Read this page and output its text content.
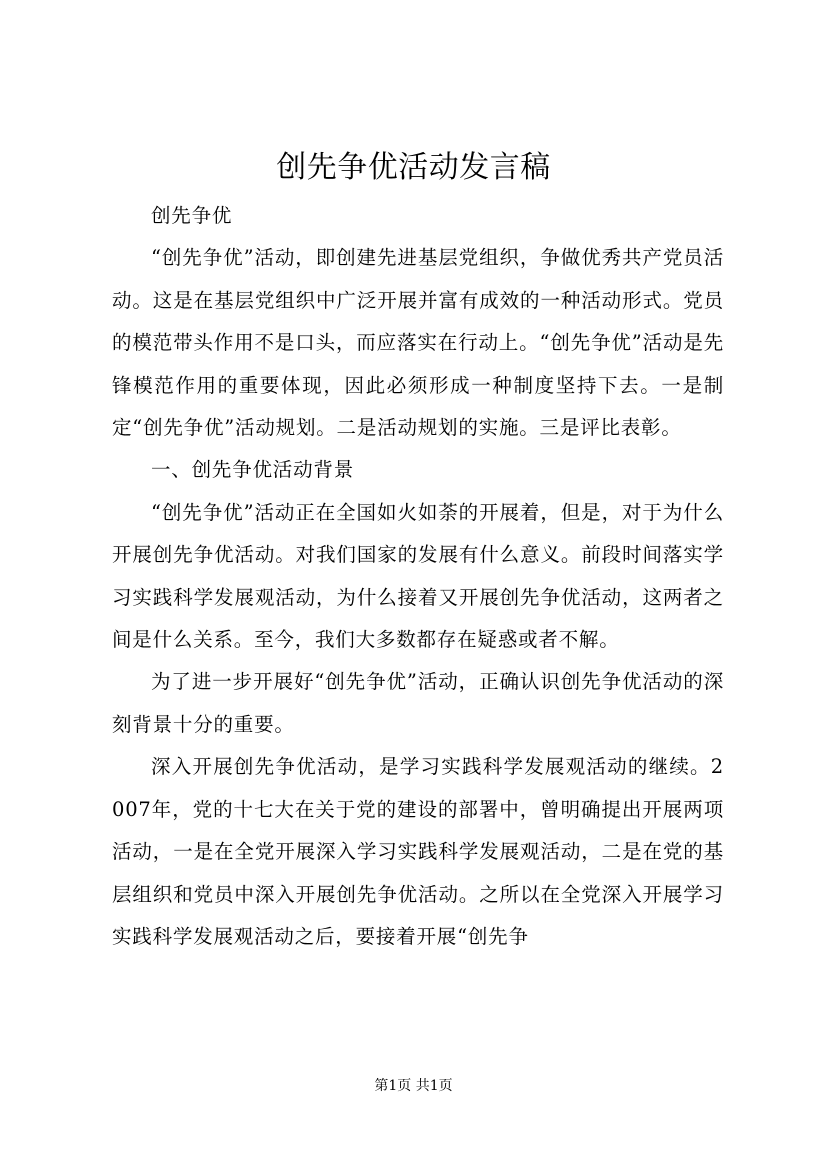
创先争优活动发言稿

创先争优

“创先争优”活动，即创建先进基层党组织，争做优秀共产党员活动。这是在基层党组织中广泛开展并富有成效的一种活动形式。党员的模范带头作用不是口头，而应落实在行动上。“创先争优”活动是先锋模范作用的重要体现，因此必须形成一种制度坚持下去。一是制定“创先争优”活动规划。二是活动规划的实施。三是评比表彰。

一、创先争优活动背景

“创先争优”活动正在全国如火如荼的开展着，但是，对于为什么开展创先争优活动。对我们国家的发展有什么意义。前段时间落实学习实践科学发展观活动，为什么接着又开展创先争优活动，这两者之间是什么关系。至今，我们大多数都存在疑惑或者不解。

为了进一步开展好“创先争优”活动，正确认识创先争优活动的深刻背景十分的重要。

深入开展创先争优活动，是学习实践科学发展观活动的继续。2007年，党的十七大在关于党的建设的部署中，曾明确提出开展两项活动，一是在全党开展深入学习实践科学发展观活动，二是在党的基层组织和党员中深入开展创先争优活动。之所以在全党深入开展学习实践科学发展观活动之后，要接着开展“创先争

第1页 共1页
